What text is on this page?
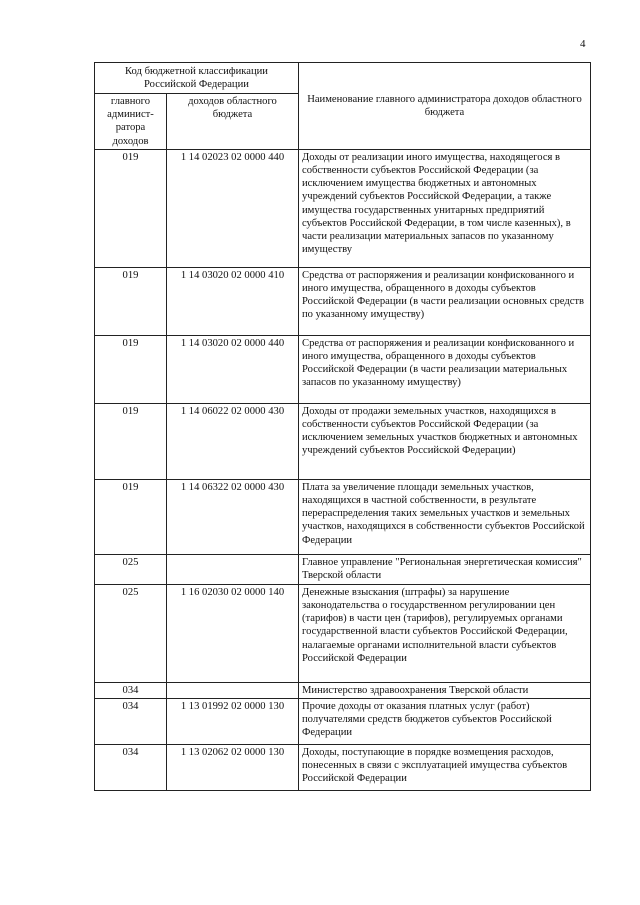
4
Код бюджетной классификации Российской Федерации		Наименование главного администратора доходов областного бюджета
главного админист-ратора доходов	доходов областного бюджета	
019	1 14 02023 02 0000 440	Доходы от реализации иного имущества, находящегося в собственности субъектов Российской Федерации (за исключением имущества бюджетных и автономных учреждений субъектов Российской Федерации, а также имущества государственных унитарных предприятий субъектов Российской Федерации, в том числе казенных), в части реализации материальных запасов по указанному имуществу
019	1 14 03020 02 0000 410	Средства от распоряжения и реализации конфискованного и иного имущества, обращенного в доходы субъектов Российской Федерации (в части реализации основных средств по указанному имуществу)
019	1 14 03020 02 0000 440	Средства от распоряжения и реализации конфискованного и иного имущества, обращенного в доходы субъектов Российской Федерации (в части реализации материальных запасов по указанному имуществу)
019	1 14 06022 02 0000 430	Доходы от продажи земельных участков, находящихся в собственности субъектов Российской Федерации (за исключением земельных участков бюджетных и автономных учреждений субъектов Российской Федерации)
019	1 14 06322 02 0000 430	Плата за увеличение площади земельных участков, находящихся в частной собственности, в результате перераспределения таких земельных участков и земельных участков, находящихся в собственности субъектов Российской Федерации
025		Главное управление "Региональная энергетическая комиссия" Тверской области
025	1 16 02030 02 0000 140	Денежные взыскания (штрафы) за нарушение законодательства о государственном регулировании цен (тарифов) в части цен (тарифов), регулируемых органами государственной власти субъектов Российской Федерации, налагаемые органами исполнительной власти субъектов Российской Федерации
034		Министерство здравоохранения Тверской области
034	1 13 01992 02 0000 130	Прочие доходы от оказания платных услуг (работ) получателями средств бюджетов субъектов Российской Федерации
034	1 13 02062 02 0000 130	Доходы, поступающие в порядке возмещения расходов, понесенных в связи с эксплуатацией имущества субъектов Российской Федерации
